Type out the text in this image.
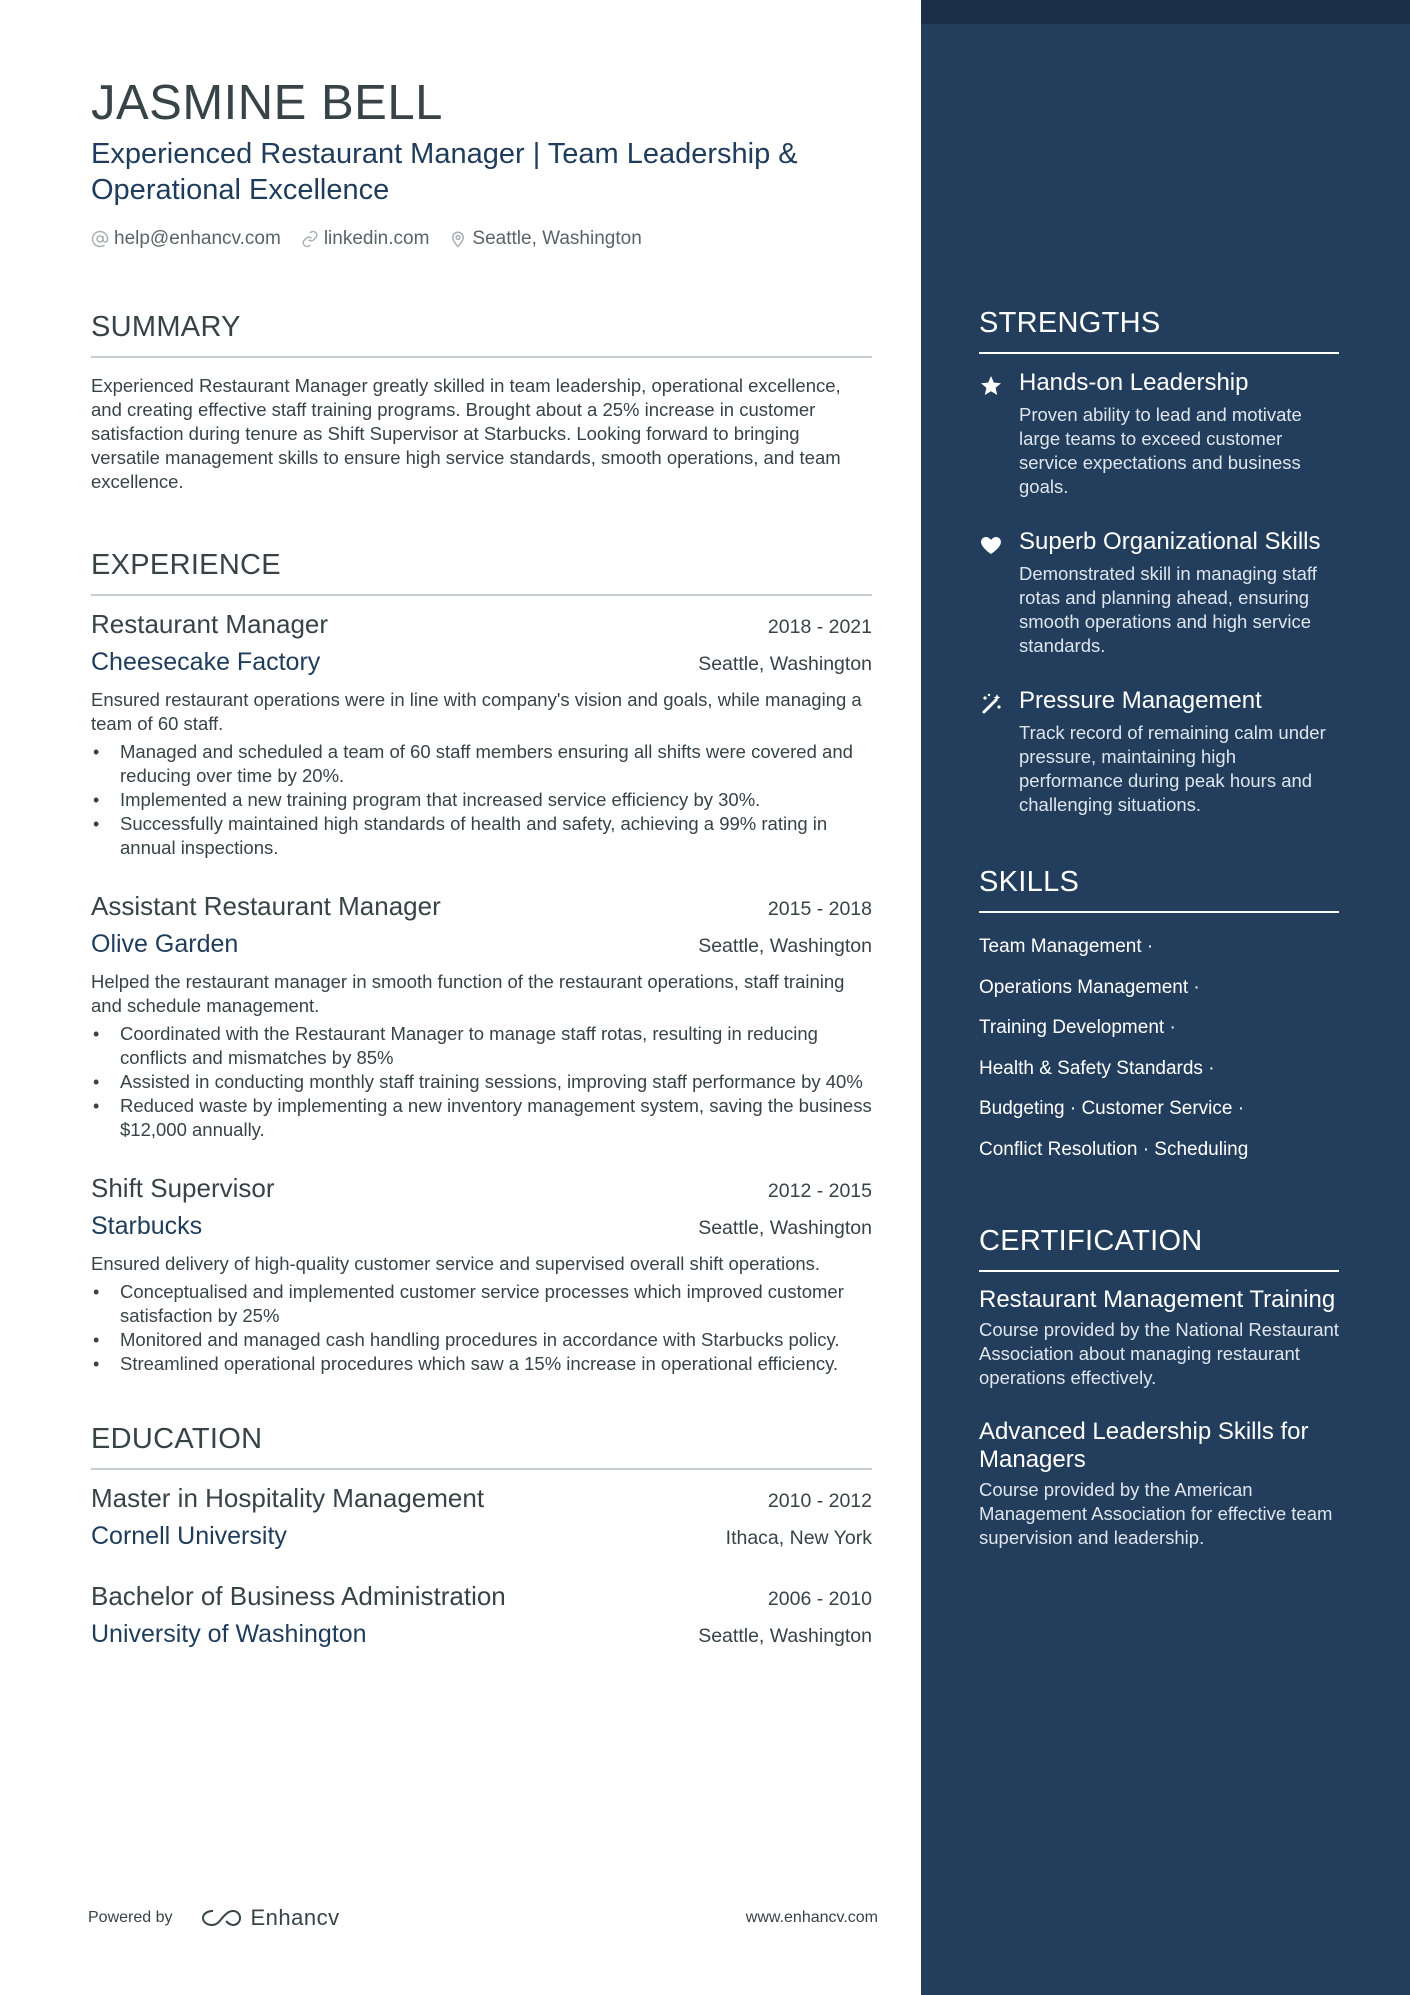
JASMINE BELL
Experienced Restaurant Manager | Team Leadership & Operational Excellence
help@enhancv.com linkedin.com Seattle, Washington
SUMMARY
Experienced Restaurant Manager greatly skilled in team leadership, operational excellence, and creating effective staff training programs. Brought about a 25% increase in customer satisfaction during tenure as Shift Supervisor at Starbucks. Looking forward to bringing versatile management skills to ensure high service standards, smooth operations, and team excellence.
EXPERIENCE
Restaurant Manager	2018 - 2021
Cheesecake Factory	Seattle, Washington
Ensured restaurant operations were in line with company's vision and goals, while managing a team of 60 staff.
• Managed and scheduled a team of 60 staff members ensuring all shifts were covered and reducing over time by 20%.
• Implemented a new training program that increased service efficiency by 30%.
• Successfully maintained high standards of health and safety, achieving a 99% rating in annual inspections.
Assistant Restaurant Manager	2015 - 2018
Olive Garden	Seattle, Washington
Helped the restaurant manager in smooth function of the restaurant operations, staff training and schedule management.
• Coordinated with the Restaurant Manager to manage staff rotas, resulting in reducing conflicts and mismatches by 85%
• Assisted in conducting monthly staff training sessions, improving staff performance by 40%
• Reduced waste by implementing a new inventory management system, saving the business $12,000 annually.
Shift Supervisor	2012 - 2015
Starbucks	Seattle, Washington
Ensured delivery of high-quality customer service and supervised overall shift operations.
• Conceptualised and implemented customer service processes which improved customer satisfaction by 25%
• Monitored and managed cash handling procedures in accordance with Starbucks policy.
• Streamlined operational procedures which saw a 15% increase in operational efficiency.
EDUCATION
Master in Hospitality Management	2010 - 2012
Cornell University	Ithaca, New York
Bachelor of Business Administration	2006 - 2010
University of Washington	Seattle, Washington
Powered by	Enhancv	www.enhancv.com
STRENGTHS
Hands-on Leadership
Proven ability to lead and motivate large teams to exceed customer service expectations and business goals.
Superb Organizational Skills
Demonstrated skill in managing staff rotas and planning ahead, ensuring smooth operations and high service standards.
Pressure Management
Track record of remaining calm under pressure, maintaining high performance during peak hours and challenging situations.
SKILLS
Team Management ·
Operations Management ·
Training Development ·
Health & Safety Standards ·
Budgeting · Customer Service ·
Conflict Resolution · Scheduling
CERTIFICATION
Restaurant Management Training
Course provided by the National Restaurant Association about managing restaurant operations effectively.
Advanced Leadership Skills for Managers
Course provided by the American Management Association for effective team supervision and leadership.
